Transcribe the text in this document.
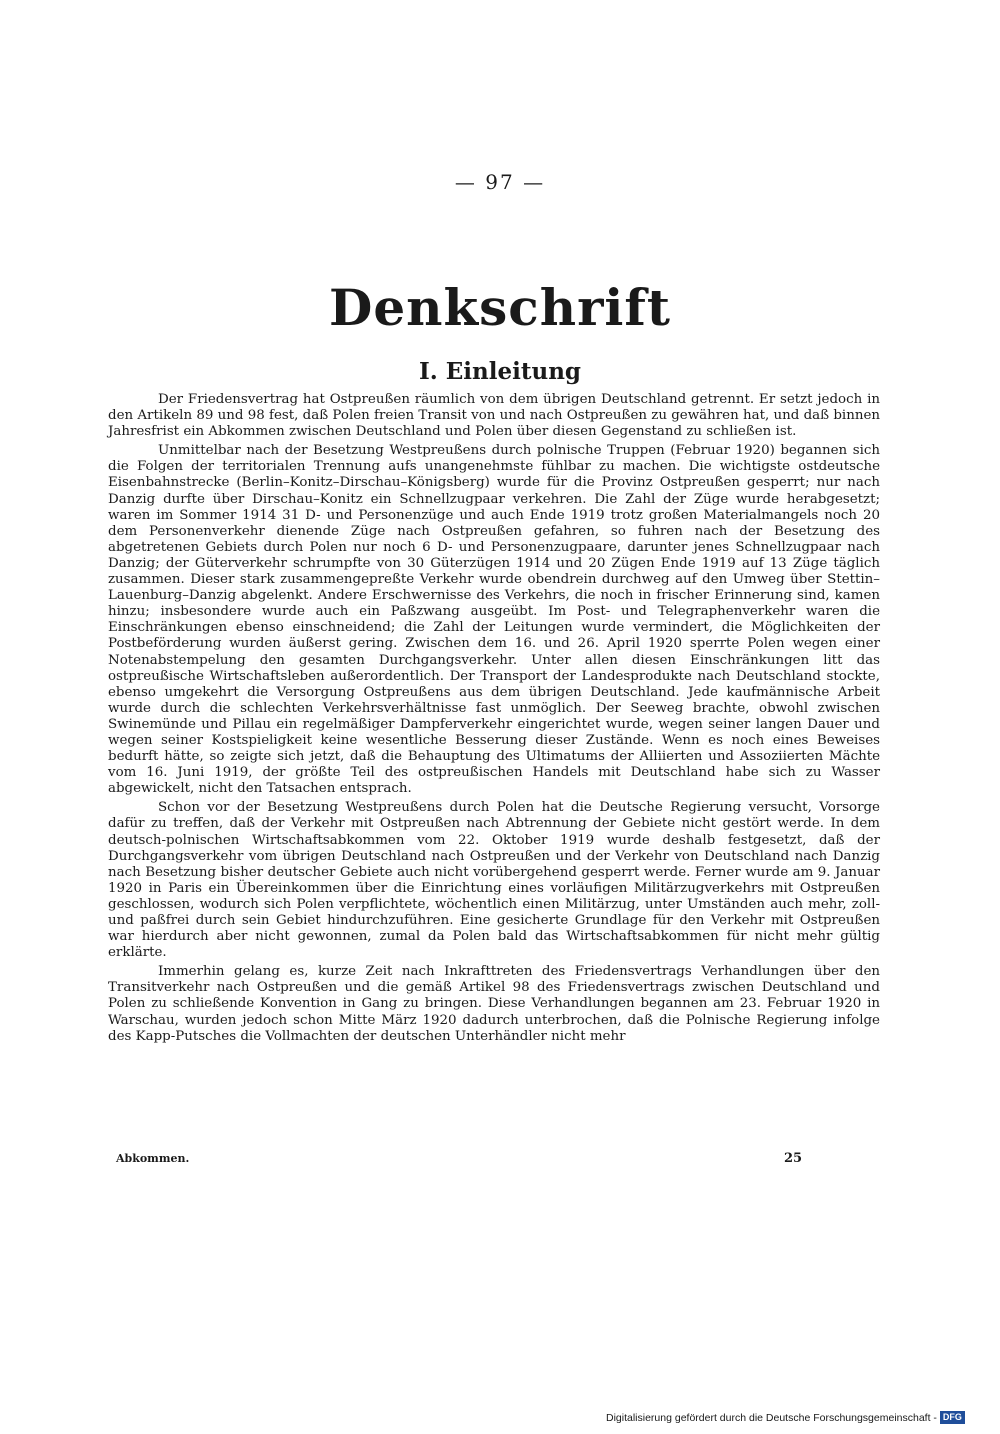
— 97 —
Denkschrift
I. Einleitung

Der Friedensvertrag hat Ostpreußen räumlich von dem übrigen Deutschland getrennt. Er setzt jedoch in den Artikeln 89 und 98 fest, daß Polen freien Transit von und nach Ostpreußen zu gewähren hat, und daß binnen Jahresfrist ein Abkommen zwischen Deutschland und Polen über diesen Gegenstand zu schließen ist.

Unmittelbar nach der Besetzung Westpreußens durch polnische Truppen (Februar 1920) begannen sich die Folgen der territorialen Trennung aufs unangenehmste fühlbar zu machen. Die wichtigste ostdeutsche Eisenbahnstrecke (Berlin–Konitz–Dirschau–Königsberg) wurde für die Provinz Ostpreußen gesperrt; nur nach Danzig durfte über Dirschau–Konitz ein Schnellzugpaar verkehren. Die Zahl der Züge wurde herabgesetzt; waren im Sommer 1914 31 D- und Personenzüge und auch Ende 1919 trotz großen Materialmangels noch 20 dem Personenverkehr dienende Züge nach Ostpreußen gefahren, so fuhren nach der Besetzung des abgetretenen Gebiets durch Polen nur noch 6 D- und Personenzugpaare, darunter jenes Schnellzugpaar nach Danzig; der Güterverkehr schrumpfte von 30 Güterzügen 1914 und 20 Zügen Ende 1919 auf 13 Züge täglich zusammen. Dieser stark zusammengepreßte Verkehr wurde obendrein durchweg auf den Umweg über Stettin–Lauenburg–Danzig abgelenkt. Andere Erschwernisse des Verkehrs, die noch in frischer Erinnerung sind, kamen hinzu; insbesondere wurde auch ein Paßzwang ausgeübt. Im Post- und Telegraphenverkehr waren die Einschränkungen ebenso einschneidend; die Zahl der Leitungen wurde vermindert, die Möglichkeiten der Postbeförderung wurden äußerst gering. Zwischen dem 16. und 26. April 1920 sperrte Polen wegen einer Notenabstempelung den gesamten Durchgangsverkehr. Unter allen diesen Einschränkungen litt das ostpreußische Wirtschaftsleben außerordentlich. Der Transport der Landesprodukte nach Deutschland stockte, ebenso umgekehrt die Versorgung Ostpreußens aus dem übrigen Deutschland. Jede kaufmännische Arbeit wurde durch die schlechten Verkehrsverhältnisse fast unmöglich. Der Seeweg brachte, obwohl zwischen Swinemünde und Pillau ein regelmäßiger Dampferverkehr eingerichtet wurde, wegen seiner langen Dauer und wegen seiner Kostspieligkeit keine wesentliche Besserung dieser Zustände. Wenn es noch eines Beweises bedurft hätte, so zeigte sich jetzt, daß die Behauptung des Ultimatums der Alliierten und Assoziierten Mächte vom 16. Juni 1919, der größte Teil des ostpreußischen Handels mit Deutschland habe sich zu Wasser abgewickelt, nicht den Tatsachen entsprach.

Schon vor der Besetzung Westpreußens durch Polen hat die Deutsche Regierung versucht, Vorsorge dafür zu treffen, daß der Verkehr mit Ostpreußen nach Abtrennung der Gebiete nicht gestört werde. In dem deutsch-polnischen Wirtschaftsabkommen vom 22. Oktober 1919 wurde deshalb festgesetzt, daß der Durchgangsverkehr vom übrigen Deutschland nach Ostpreußen und der Verkehr von Deutschland nach Danzig nach Besetzung bisher deutscher Gebiete auch nicht vorübergehend gesperrt werde. Ferner wurde am 9. Januar 1920 in Paris ein Übereinkommen über die Einrichtung eines vorläufigen Militärzugverkehrs mit Ostpreußen geschlossen, wodurch sich Polen verpflichtete, wöchentlich einen Militärzug, unter Umständen auch mehr, zoll- und paßfrei durch sein Gebiet hindurchzuführen. Eine gesicherte Grundlage für den Verkehr mit Ostpreußen war hierdurch aber nicht gewonnen, zumal da Polen bald das Wirtschaftsabkommen für nicht mehr gültig erklärte.

Immerhin gelang es, kurze Zeit nach Inkrafttreten des Friedensvertrags Verhandlungen über den Transitverkehr nach Ostpreußen und die gemäß Artikel 98 des Friedensvertrags zwischen Deutschland und Polen zu schließende Konvention in Gang zu bringen. Diese Verhandlungen begannen am 23. Februar 1920 in Warschau, wurden jedoch schon Mitte März 1920 dadurch unterbrochen, daß die Polnische Regierung infolge des Kapp-Putsches die Vollmachten der deutschen Unterhändler nicht mehr

Abkommen.	25
Digitalisierung gefördert durch die Deutsche Forschungsgemeinschaft - DFG
